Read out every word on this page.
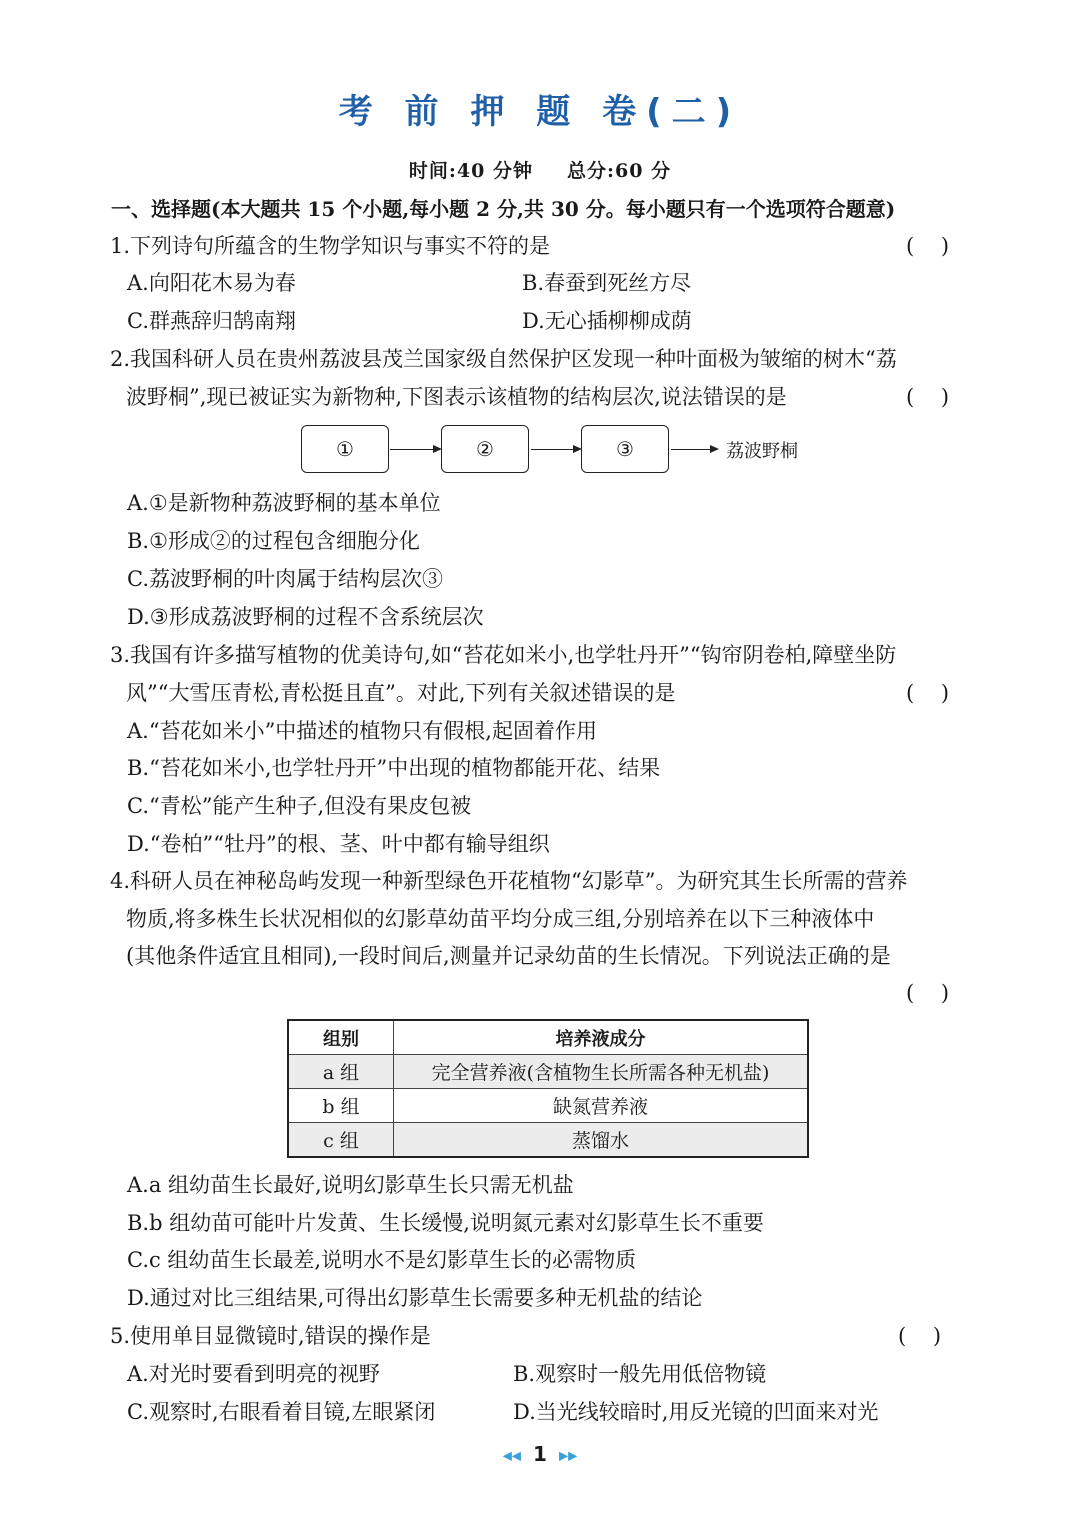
考 前 押 题 卷(二)
时间:40 分钟 总分:60 分
一、选择题(本大题共 15 个小题,每小题 2 分,共 30 分。每小题只有一个选项符合题意)
1.下列诗句所蕴含的生物学知识与事实不符的是	(    )
A.向阳花木易为春	B.春蚕到死丝方尽
C.群燕辞归鹄南翔	D.无心插柳柳成荫
2.我国科研人员在贵州荔波县茂兰国家级自然保护区发现一种叶面极为皱缩的树木“荔
波野桐”,现已被证实为新物种,下图表示该植物的结构层次,说法错误的是	(    )
①	②	③	荔波野桐
A.①是新物种荔波野桐的基本单位
B.①形成②的过程包含细胞分化
C.荔波野桐的叶肉属于结构层次③
D.③形成荔波野桐的过程不含系统层次
3.我国有许多描写植物的优美诗句,如“苔花如米小,也学牡丹开”“钩帘阴卷柏,障壁坐防
风”“大雪压青松,青松挺且直”。对此,下列有关叙述错误的是	(    )
A.“苔花如米小”中描述的植物只有假根,起固着作用
B.“苔花如米小,也学牡丹开”中出现的植物都能开花、结果
C.“青松”能产生种子,但没有果皮包被
D.“卷柏”“牡丹”的根、茎、叶中都有输导组织
4.科研人员在神秘岛屿发现一种新型绿色开花植物“幻影草”。为研究其生长所需的营养
物质,将多株生长状况相似的幻影草幼苗平均分成三组,分别培养在以下三种液体中
(其他条件适宜且相同),一段时间后,测量并记录幼苗的生长情况。下列说法正确的是
(    )
组别	培养液成分
a 组	完全营养液(含植物生长所需各种无机盐)
b 组	缺氮营养液
c 组	蒸馏水
A.a 组幼苗生长最好,说明幻影草生长只需无机盐
B.b 组幼苗可能叶片发黄、生长缓慢,说明氮元素对幻影草生长不重要
C.c 组幼苗生长最差,说明水不是幻影草生长的必需物质
D.通过对比三组结果,可得出幻影草生长需要多种无机盐的结论
5.使用单目显微镜时,错误的操作是	(    )
A.对光时要看到明亮的视野	B.观察时一般先用低倍物镜
C.观察时,右眼看着目镜,左眼紧闭	D.当光线较暗时,用反光镜的凹面来对光
◀◀ 1 ▶▶
